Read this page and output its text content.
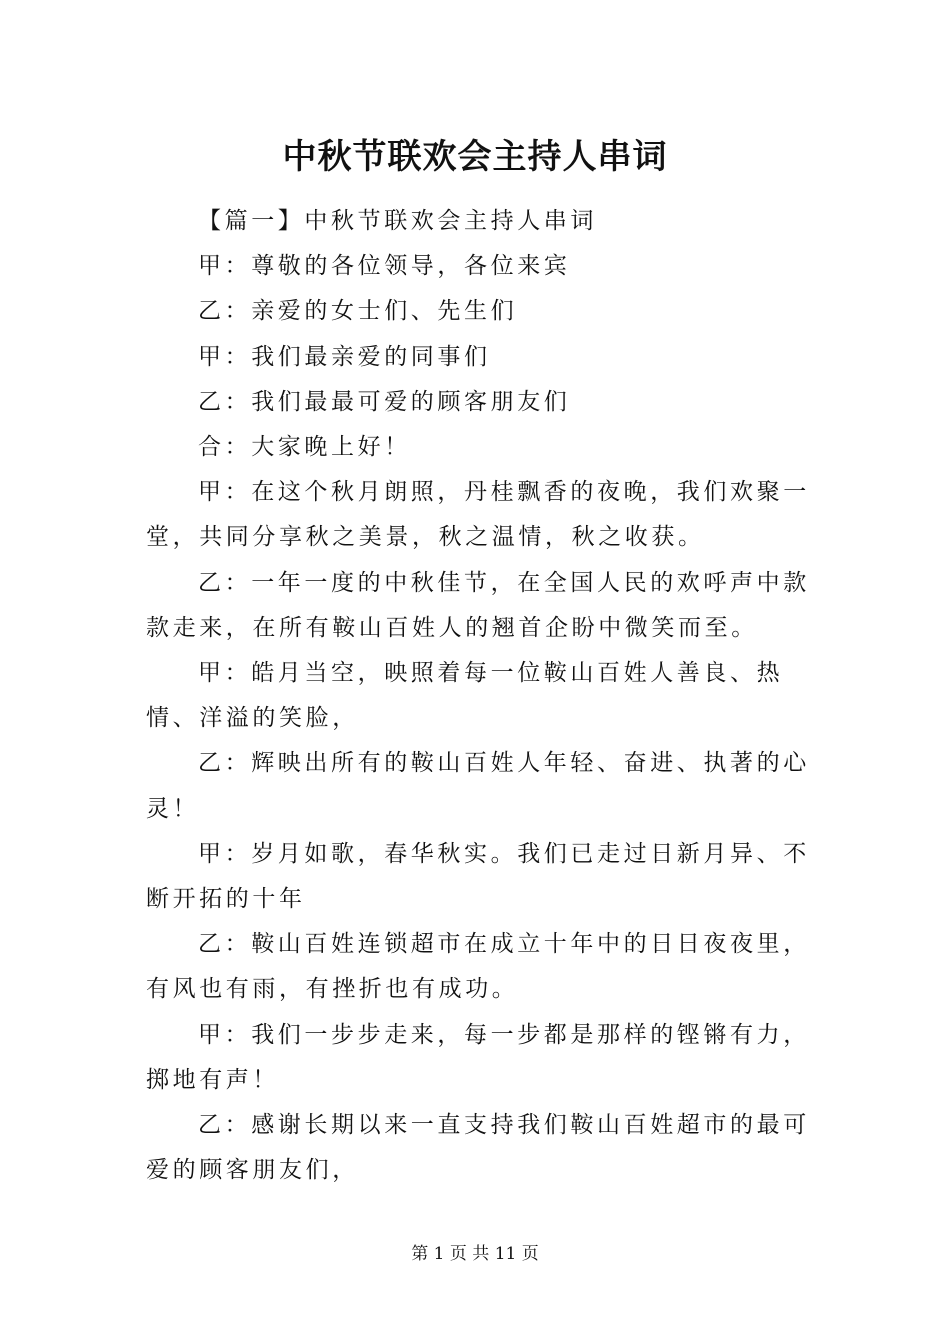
中秋节联欢会主持人串词

【篇一】中秋节联欢会主持人串词

甲：尊敬的各位领导，各位来宾

乙：亲爱的女士们、先生们

甲：我们最亲爱的同事们

乙：我们最最可爱的顾客朋友们

合：大家晚上好！

甲：在这个秋月朗照，丹桂飘香的夜晚，我们欢聚一堂，共同分享秋之美景，秋之温情，秋之收获。

乙：一年一度的中秋佳节，在全国人民的欢呼声中款款走来，在所有鞍山百姓人的翘首企盼中微笑而至。

甲：皓月当空，映照着每一位鞍山百姓人善良、热情、洋溢的笑脸，

乙：辉映出所有的鞍山百姓人年轻、奋进、执著的心灵！

甲：岁月如歌，春华秋实。我们已走过日新月异、不断开拓的十年

乙：鞍山百姓连锁超市在成立十年中的日日夜夜里，有风也有雨，有挫折也有成功。

甲：我们一步步走来，每一步都是那样的铿锵有力，掷地有声！

乙：感谢长期以来一直支持我们鞍山百姓超市的最可爱的顾客朋友们，

第 1 页 共 11 页
